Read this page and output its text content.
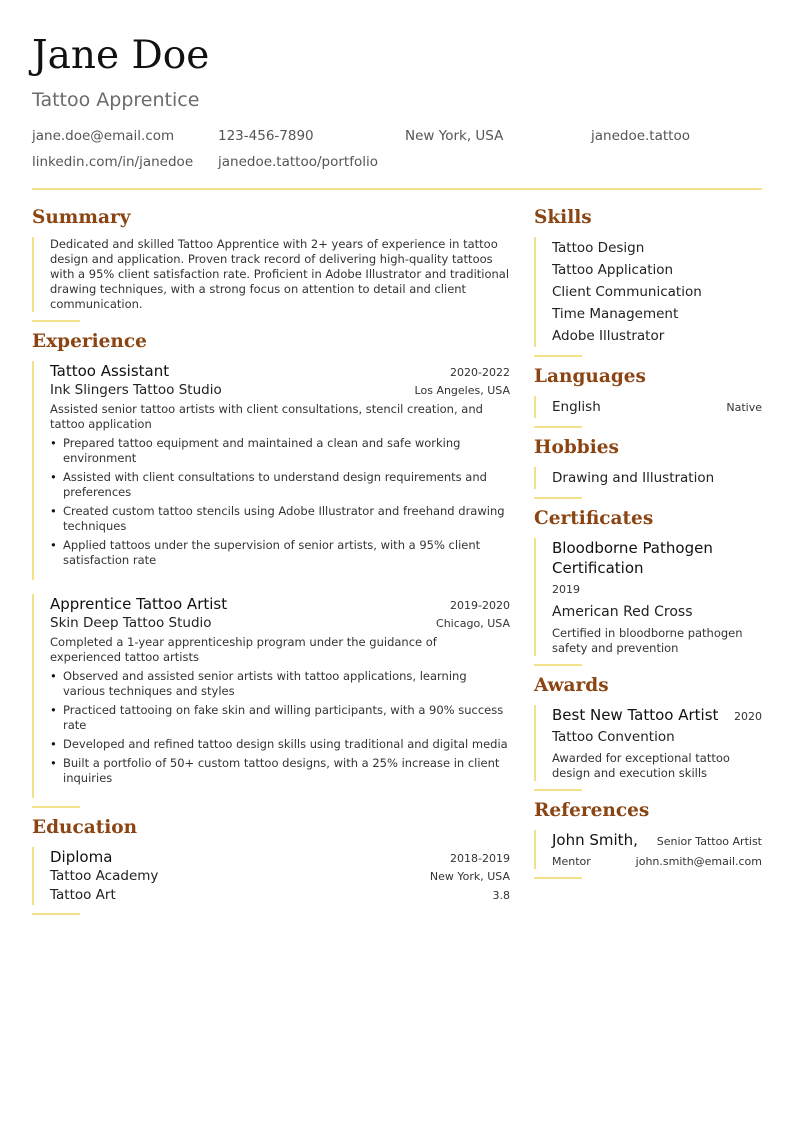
Jane Doe
Tattoo Apprentice
jane.doe@email.com	123-456-7890	New York, USA	janedoe.tattoo
linkedin.com/in/janedoe janedoe.tattoo/portfolio
Summary
Dedicated and skilled Tattoo Apprentice with 2+ years of experience in tattoo design and application. Proven track record of delivering high-quality tattoos with a 95% client satisfaction rate. Proficient in Adobe Illustrator and traditional drawing techniques, with a strong focus on attention to detail and client communication.
Experience
Tattoo Assistant	2020-2022
Ink Slingers Tattoo Studio	Los Angeles, USA
Assisted senior tattoo artists with client consultations, stencil creation, and tattoo application
• Prepared tattoo equipment and maintained a clean and safe working environment
• Assisted with client consultations to understand design requirements and preferences
• Created custom tattoo stencils using Adobe Illustrator and freehand drawing techniques
• Applied tattoos under the supervision of senior artists, with a 95% client satisfaction rate
Apprentice Tattoo Artist	2019-2020
Skin Deep Tattoo Studio	Chicago, USA
Completed a 1-year apprenticeship program under the guidance of experienced tattoo artists
• Observed and assisted senior artists with tattoo applications, learning various techniques and styles
• Practiced tattooing on fake skin and willing participants, with a 90% success rate
• Developed and refined tattoo design skills using traditional and digital media
• Built a portfolio of 50+ custom tattoo designs, with a 25% increase in client inquiries
Education
Diploma	2018-2019
Tattoo Academy	New York, USA
Tattoo Art	3.8
Skills
Tattoo Design
Tattoo Application
Client Communication
Time Management
Adobe Illustrator
Languages
English	Native
Hobbies
Drawing and Illustration
Certificates
Bloodborne Pathogen Certification
2019
American Red Cross
Certified in bloodborne pathogen safety and prevention
Awards
Best New Tattoo Artist 2020
Tattoo Convention
Awarded for exceptional tattoo design and execution skills
References
John Smith, Senior Tattoo Artist
Mentor	john.smith@email.com
